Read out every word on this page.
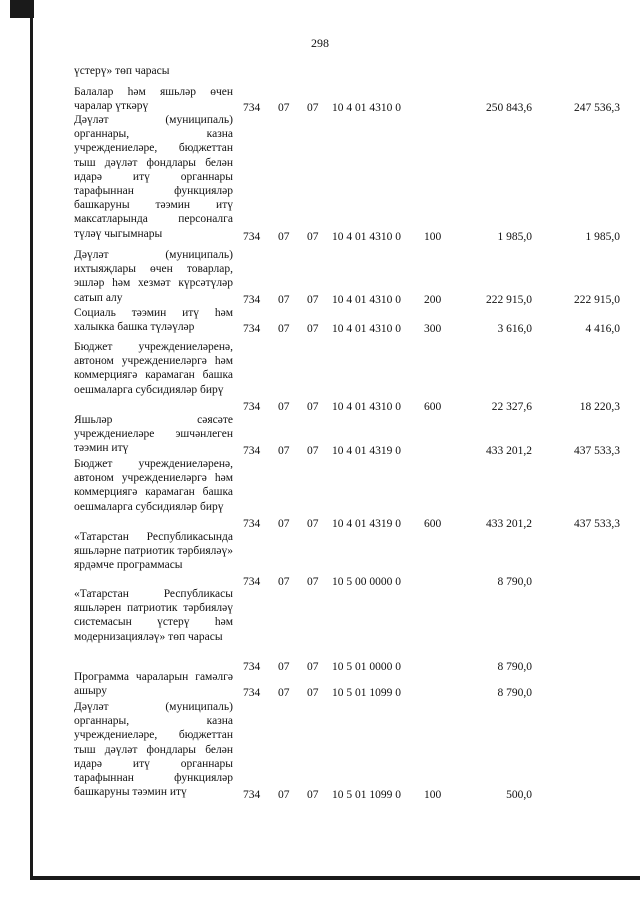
298
үстерү» төп чарасы
Балалар һәм яшьләр өчен чаралар үткәрү	734 07 07 10 4 01 4310 0	250 843,6	247 536,3
Дәүләт (муниципаль) органнары, казна учреждениеләре, бюджеттан тыш дәүләт фондлары белән идарә итү органнары тарафыннан функцияләр башкаруны тәэмин итү максатларында персоналга түләү чыгымнары	734 07 07 10 4 01 4310 0 100	1 985,0	1 985,0
Дәүләт (муниципаль) ихтыяҗлары өчен товарлар, эшләр һәм хезмәт күрсәтүләр сатып алу	734 07 07 10 4 01 4310 0 200	222 915,0	222 915,0
Социаль тәэмин итү һәм халыкка башка түләүләр	734 07 07 10 4 01 4310 0 300	3 616,0	4 416,0
Бюджет учреждениеләренә, автоном учреждениеләргә һәм коммерциягә карамаган башка оешмаларга субсидияләр бирү
734 07 07 10 4 01 4310 0 600	22 327,6	18 220,3
Яшьләр сәясәте учреждениеләре эшчәнлеген тәэмин итү	734 07 07 10 4 01 4319 0	433 201,2	437 533,3
Бюджет учреждениеләренә, автоном учреждениеләргә һәм коммерциягә карамаган башка оешмаларга субсидияләр бирү
734 07 07 10 4 01 4319 0 600	433 201,2	437 533,3
«Татарстан Республикасында яшьләрне патриотик тәрбияләү» ярдәмче программасы
734 07 07 10 5 00 0000 0	8 790,0
«Татарстан Республикасы яшьләрен патриотик тәрбияләү системасын үстерү һәм модернизацияләү» төп чарасы
734 07 07 10 5 01 0000 0	8 790,0
Программа чараларын гамәлгә ашыру	734 07 07 10 5 01 1099 0	8 790,0
Дәүләт (муниципаль) органнары, казна учреждениеләре, бюджеттан тыш дәүләт фондлары белән идарә итү органнары тарафыннан функцияләр башкаруны тәэмин итү	734 07 07 10 5 01 1099 0 100	500,0
